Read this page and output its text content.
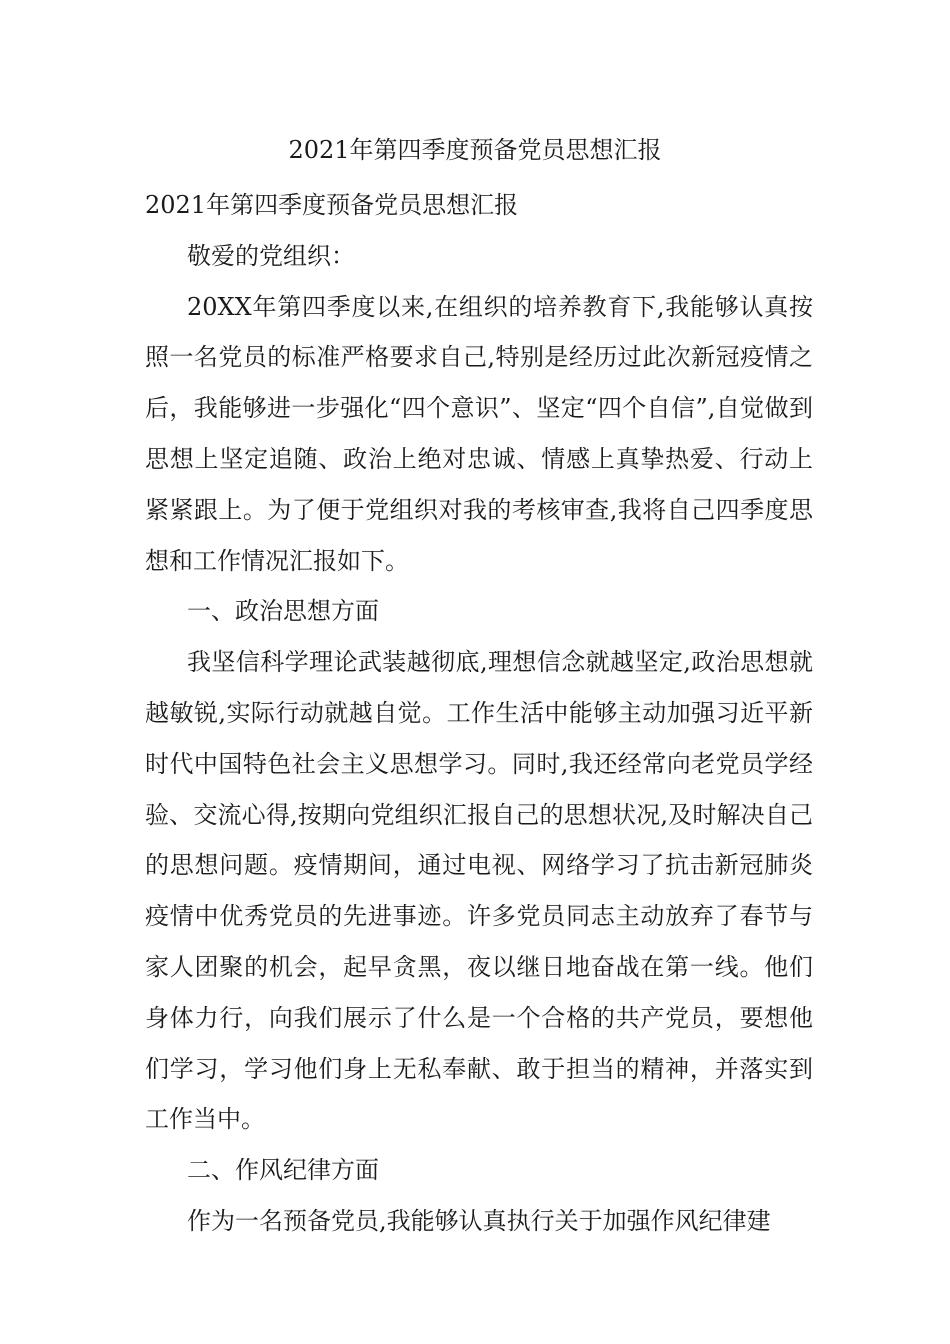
2021年第四季度预备党员思想汇报

2021年第四季度预备党员思想汇报

敬爱的党组织：

20XX年第四季度以来,在组织的培养教育下,我能够认真按照一名党员的标准严格要求自己,特别是经历过此次新冠疫情之后，我能够进一步强化“四个意识”、坚定“四个自信”,自觉做到思想上坚定追随、政治上绝对忠诚、情感上真挚热爱、行动上紧紧跟上。为了便于党组织对我的考核审查,我将自己四季度思想和工作情况汇报如下。

一、政治思想方面

我坚信科学理论武装越彻底,理想信念就越坚定,政治思想就越敏锐,实际行动就越自觉。工作生活中能够主动加强习近平新时代中国特色社会主义思想学习。同时,我还经常向老党员学经验、交流心得,按期向党组织汇报自己的思想状况,及时解决自己的思想问题。疫情期间，通过电视、网络学习了抗击新冠肺炎疫情中优秀党员的先进事迹。许多党员同志主动放弃了春节与家人团聚的机会，起早贪黑，夜以继日地奋战在第一线。他们身体力行，向我们展示了什么是一个合格的共产党员，要想他们学习，学习他们身上无私奉献、敢于担当的精神，并落实到工作当中。

二、作风纪律方面

作为一名预备党员,我能够认真执行关于加强作风纪律建
